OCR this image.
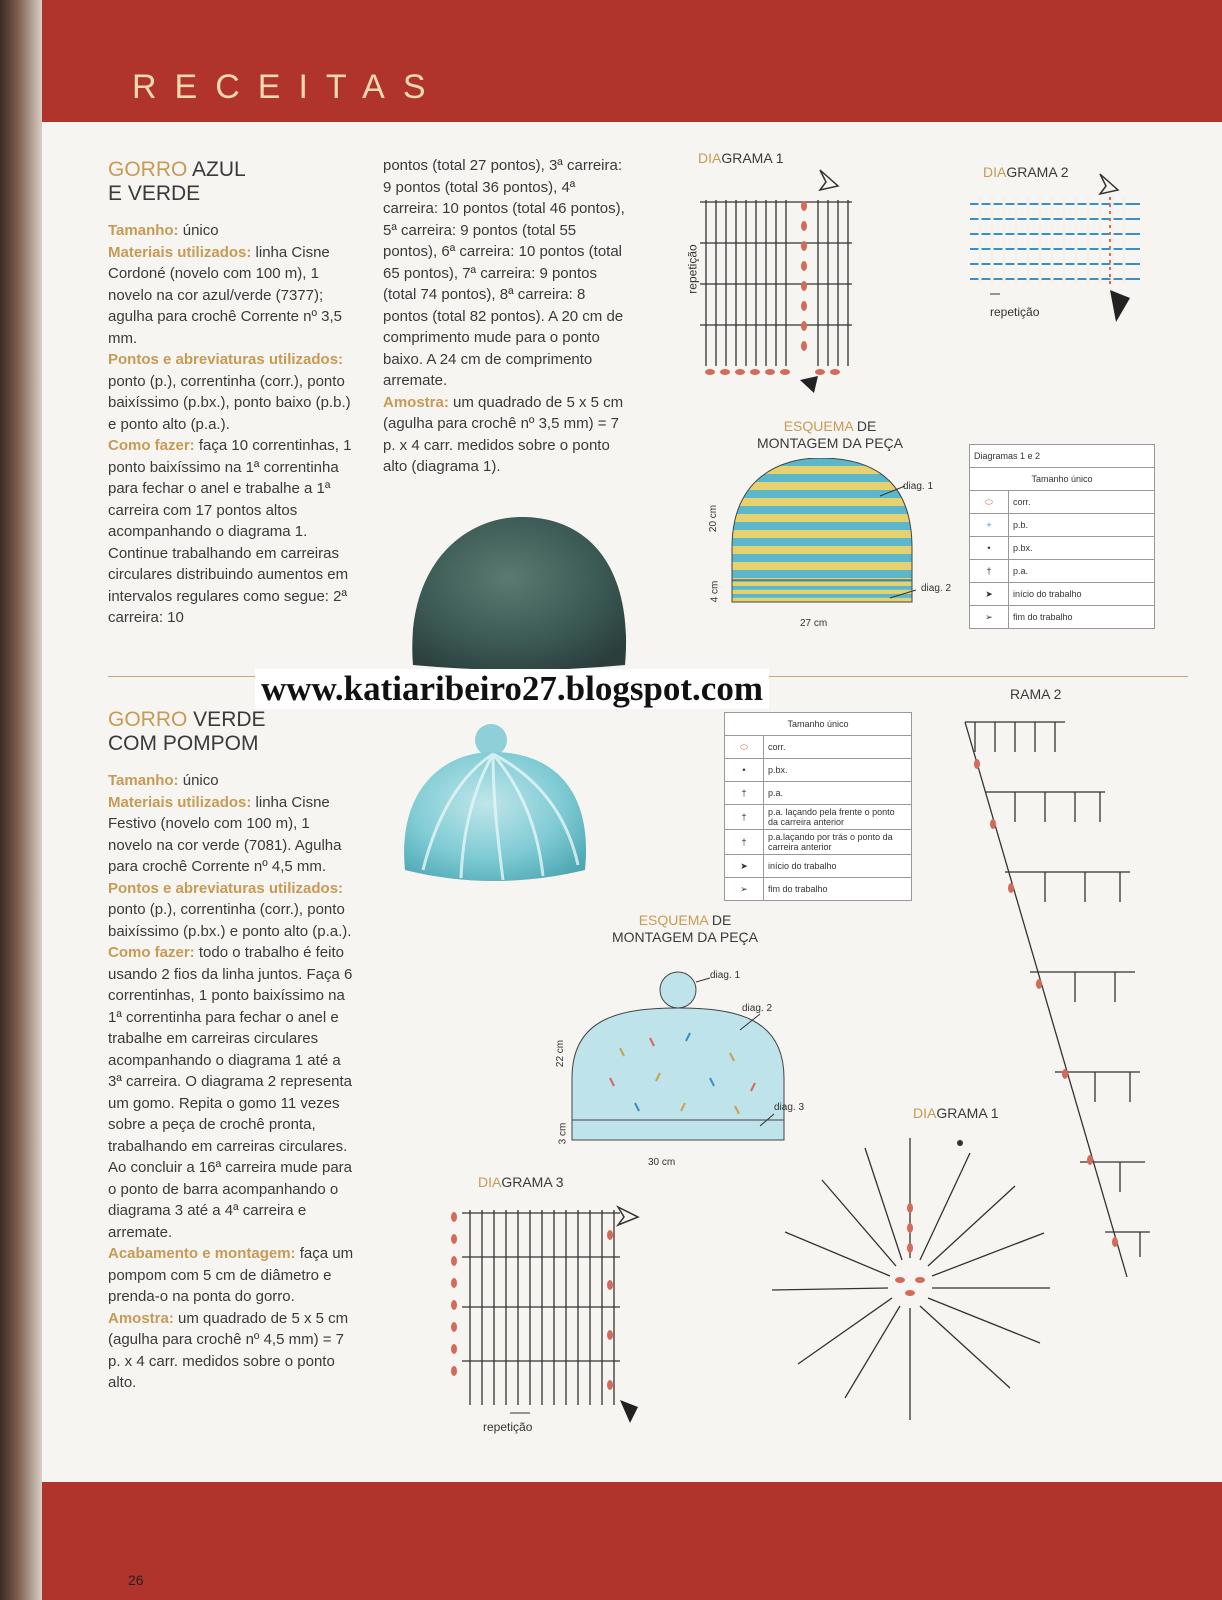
RECEITAS
26

GORRO AZUL
E VERDE

Tamanho: único

Materiais utilizados: linha Cisne Cordoné (novelo com 100 m), 1 novelo na cor azul/verde (7377); agulha para crochê Corrente nº 3,5 mm.

Pontos e abreviaturas utilizados: ponto (p.), correntinha (corr.), ponto baixíssimo (p.bx.), ponto baixo (p.b.) e ponto alto (p.a.).

Como fazer: faça 10 correntinhas, 1 ponto baixíssimo na 1ª correntinha para fechar o anel e trabalhe a 1ª carreira com 17 pontos altos acompanhando o diagrama 1. Continue trabalhando em carreiras circulares distribuindo aumentos em intervalos regulares como segue: 2ª carreira: 10

pontos (total 27 pontos), 3ª carreira: 9 pontos (total 36 pontos), 4ª carreira: 10 pontos (total 46 pontos), 5ª carreira: 9 pontos (total 55 pontos), 6ª carreira: 10 pontos (total 65 pontos), 7ª carreira: 9 pontos (total 74 pontos), 8ª carreira: 8 pontos (total 82 pontos). A 20 cm de comprimento mude para o ponto baixo. A 24 cm de comprimento arremate.

Amostra: um quadrado de 5 x 5 cm (agulha para crochê nº 3,5 mm) = 7 p. x 4 carr. medidos sobre o ponto alto (diagrama 1).

DIAGRAMA 1
repetição
DIAGRAMA 2
repetição
ESQUEMA DE
MONTAGEM DA PEÇA
diag. 1
diag. 2
20 cm
4 cm
27 cm
Diagramas 1 e 2	
Tamanho único	
⬭	corr.
+	p.b.
•	p.bx.
†	p.a.
➤	início do trabalho
➢	fim do trabalho
www.katiaribeiro27.blogspot.com

GORRO VERDE
COM POMPOM

Tamanho: único

Materiais utilizados: linha Cisne Festivo (novelo com 100 m), 1 novelo na cor verde (7081). Agulha para crochê Corrente nº 4,5 mm.

Pontos e abreviaturas utilizados: ponto (p.), correntinha (corr.), ponto baixíssimo (p.bx.) e ponto alto (p.a.).

Como fazer: todo o trabalho é feito usando 2 fios da linha juntos. Faça 6 correntinhas, 1 ponto baixíssimo na 1ª correntinha para fechar o anel e trabalhe em carreiras circulares acompanhando o diagrama 1 até a 3ª carreira. O diagrama 2 representa um gomo. Repita o gomo 11 vezes sobre a peça de crochê pronta, trabalhando em carreiras circulares. Ao concluir a 16ª carreira mude para o ponto de barra acompanhando o diagrama 3 até a 4ª carreira e arremate.

Acabamento e montagem: faça um pompom com 5 cm de diâmetro e prenda-o na ponta do gorro.

Amostra: um quadrado de 5 x 5 cm (agulha para crochê nº 4,5 mm) = 7 p. x 4 carr. medidos sobre o ponto alto.

Tamanho único	
⬭	corr.
•	p.bx.
†	p.a.
†	p.a. laçando pela frente o ponto da carreira anterior
†	p.a.laçando por trás o ponto da carreira anterior
➤	início do trabalho
➢	fim do trabalho
ESQUEMA DE
MONTAGEM DA PEÇA
diag. 1
diag. 2
diag. 3
22 cm
3 cm
30 cm
DIAGRAMA 3
repetição
DIAGRAMA 1
RAMA 2
